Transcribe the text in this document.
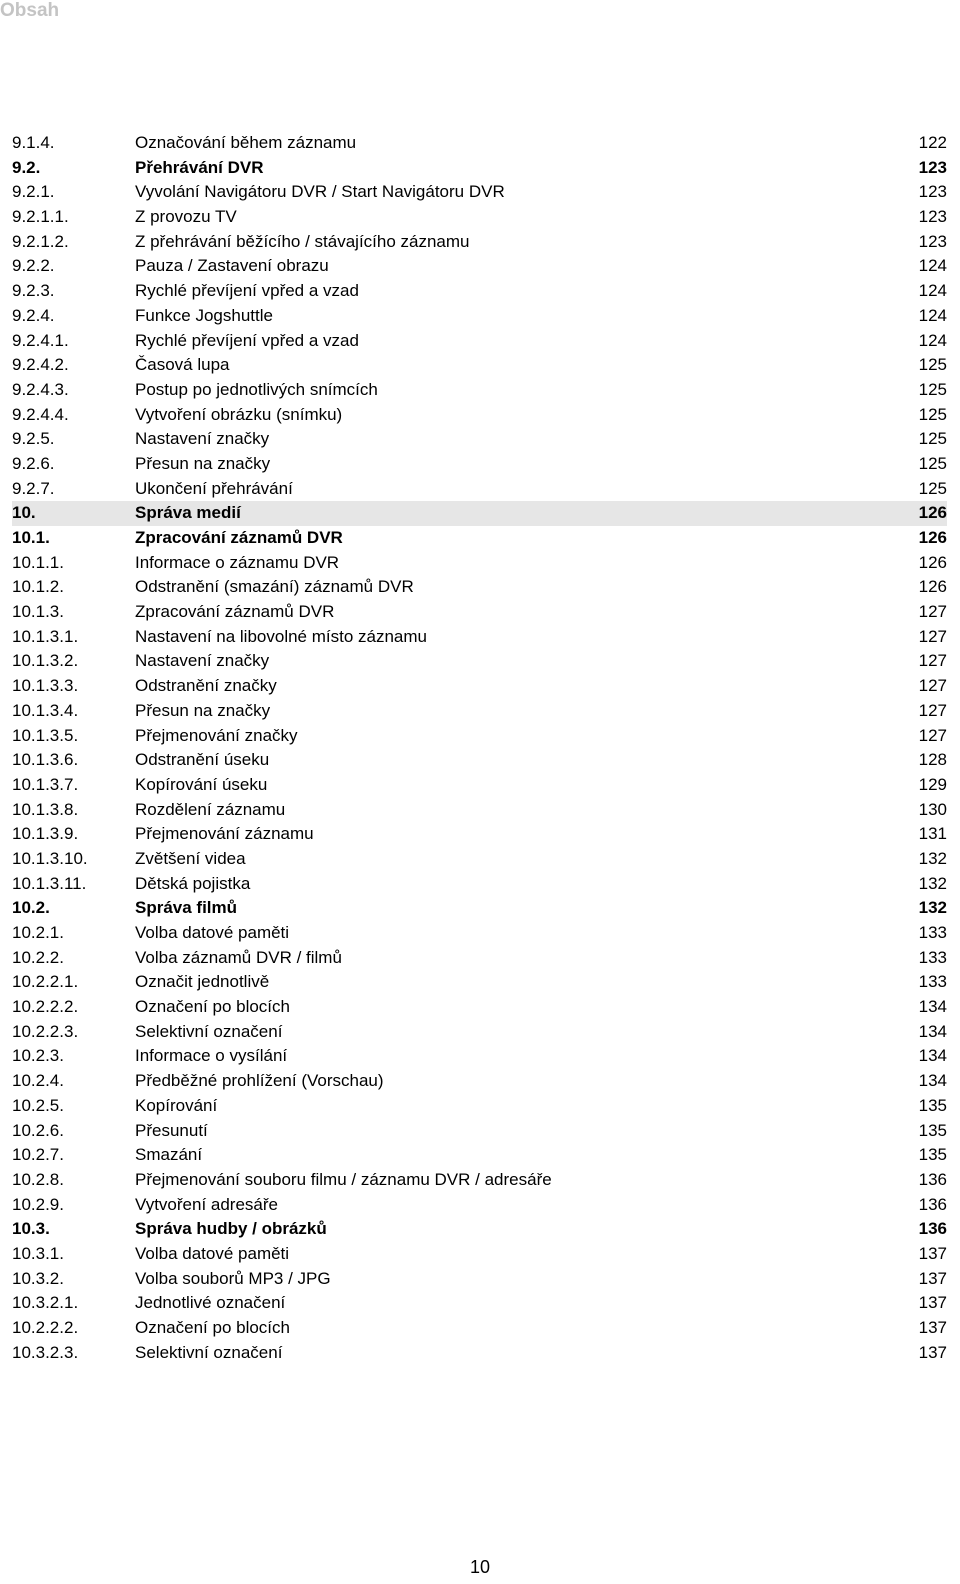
Obsah
9.1.4.	Označování během záznamu	122
9.2.	Přehrávání DVR	123
9.2.1.	Vyvolání Navigátoru DVR / Start Navigátoru DVR	123
9.2.1.1.	Z provozu TV	123
9.2.1.2.	Z přehrávání běžícího / stávajícího záznamu	123
9.2.2.	Pauza / Zastavení obrazu	124
9.2.3.	Rychlé převíjení vpřed a vzad	124
9.2.4.	Funkce Jogshuttle	124
9.2.4.1.	Rychlé převíjení vpřed a vzad	124
9.2.4.2.	Časová lupa	125
9.2.4.3.	Postup po jednotlivých snímcích	125
9.2.4.4.	Vytvoření obrázku (snímku)	125
9.2.5.	Nastavení značky	125
9.2.6.	Přesun na značky	125
9.2.7.	Ukončení přehrávání	125
10.	Správa medií	126
10.1.	Zpracování záznamů DVR	126
10.1.1.	Informace o záznamu DVR	126
10.1.2.	Odstranění (smazání) záznamů DVR	126
10.1.3.	Zpracování záznamů DVR	127
10.1.3.1.	Nastavení na libovolné místo záznamu	127
10.1.3.2.	Nastavení značky	127
10.1.3.3.	Odstranění značky	127
10.1.3.4.	Přesun na značky	127
10.1.3.5.	Přejmenování značky	127
10.1.3.6.	Odstranění úseku	128
10.1.3.7.	Kopírování úseku	129
10.1.3.8.	Rozdělení záznamu	130
10.1.3.9.	Přejmenování záznamu	131
10.1.3.10.	Zvětšení videa	132
10.1.3.11.	Dětská pojistka	132
10.2.	Správa filmů	132
10.2.1.	Volba datové paměti	133
10.2.2.	Volba záznamů DVR / filmů	133
10.2.2.1.	Označit jednotlivě	133
10.2.2.2.	Označení po blocích	134
10.2.2.3.	Selektivní označení	134
10.2.3.	Informace o vysílání	134
10.2.4.	Předběžné prohlížení (Vorschau)	134
10.2.5.	Kopírování	135
10.2.6.	Přesunutí	135
10.2.7.	Smazání	135
10.2.8.	Přejmenování souboru filmu / záznamu DVR / adresáře	136
10.2.9.	Vytvoření adresáře	136
10.3.	Správa hudby / obrázků	136
10.3.1.	Volba datové paměti	137
10.3.2.	Volba souborů MP3 / JPG	137
10.3.2.1.	Jednotlivé označení	137
10.2.2.2.	Označení po blocích	137
10.3.2.3.	Selektivní označení	137
10
